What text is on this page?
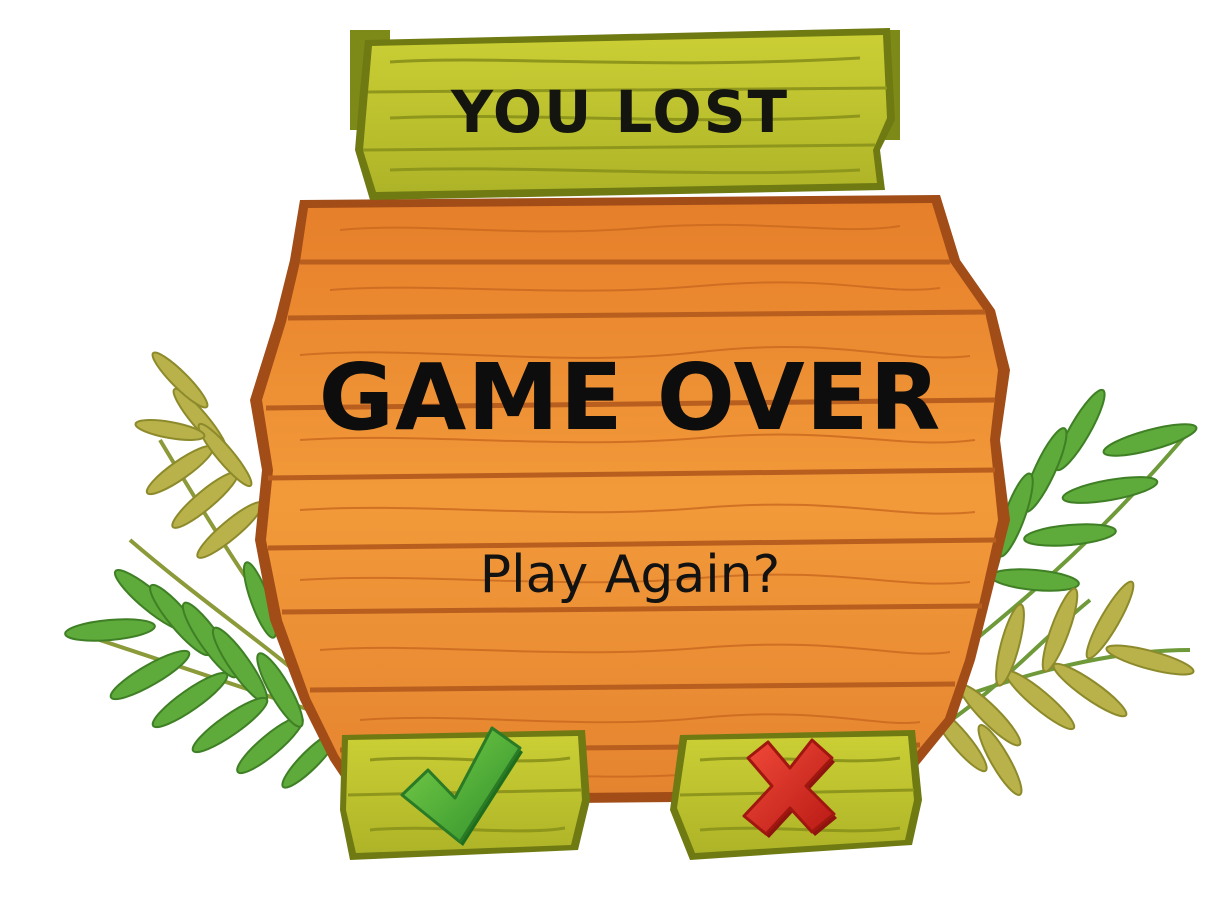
YOU LOST
GAME OVER
Play Again?
